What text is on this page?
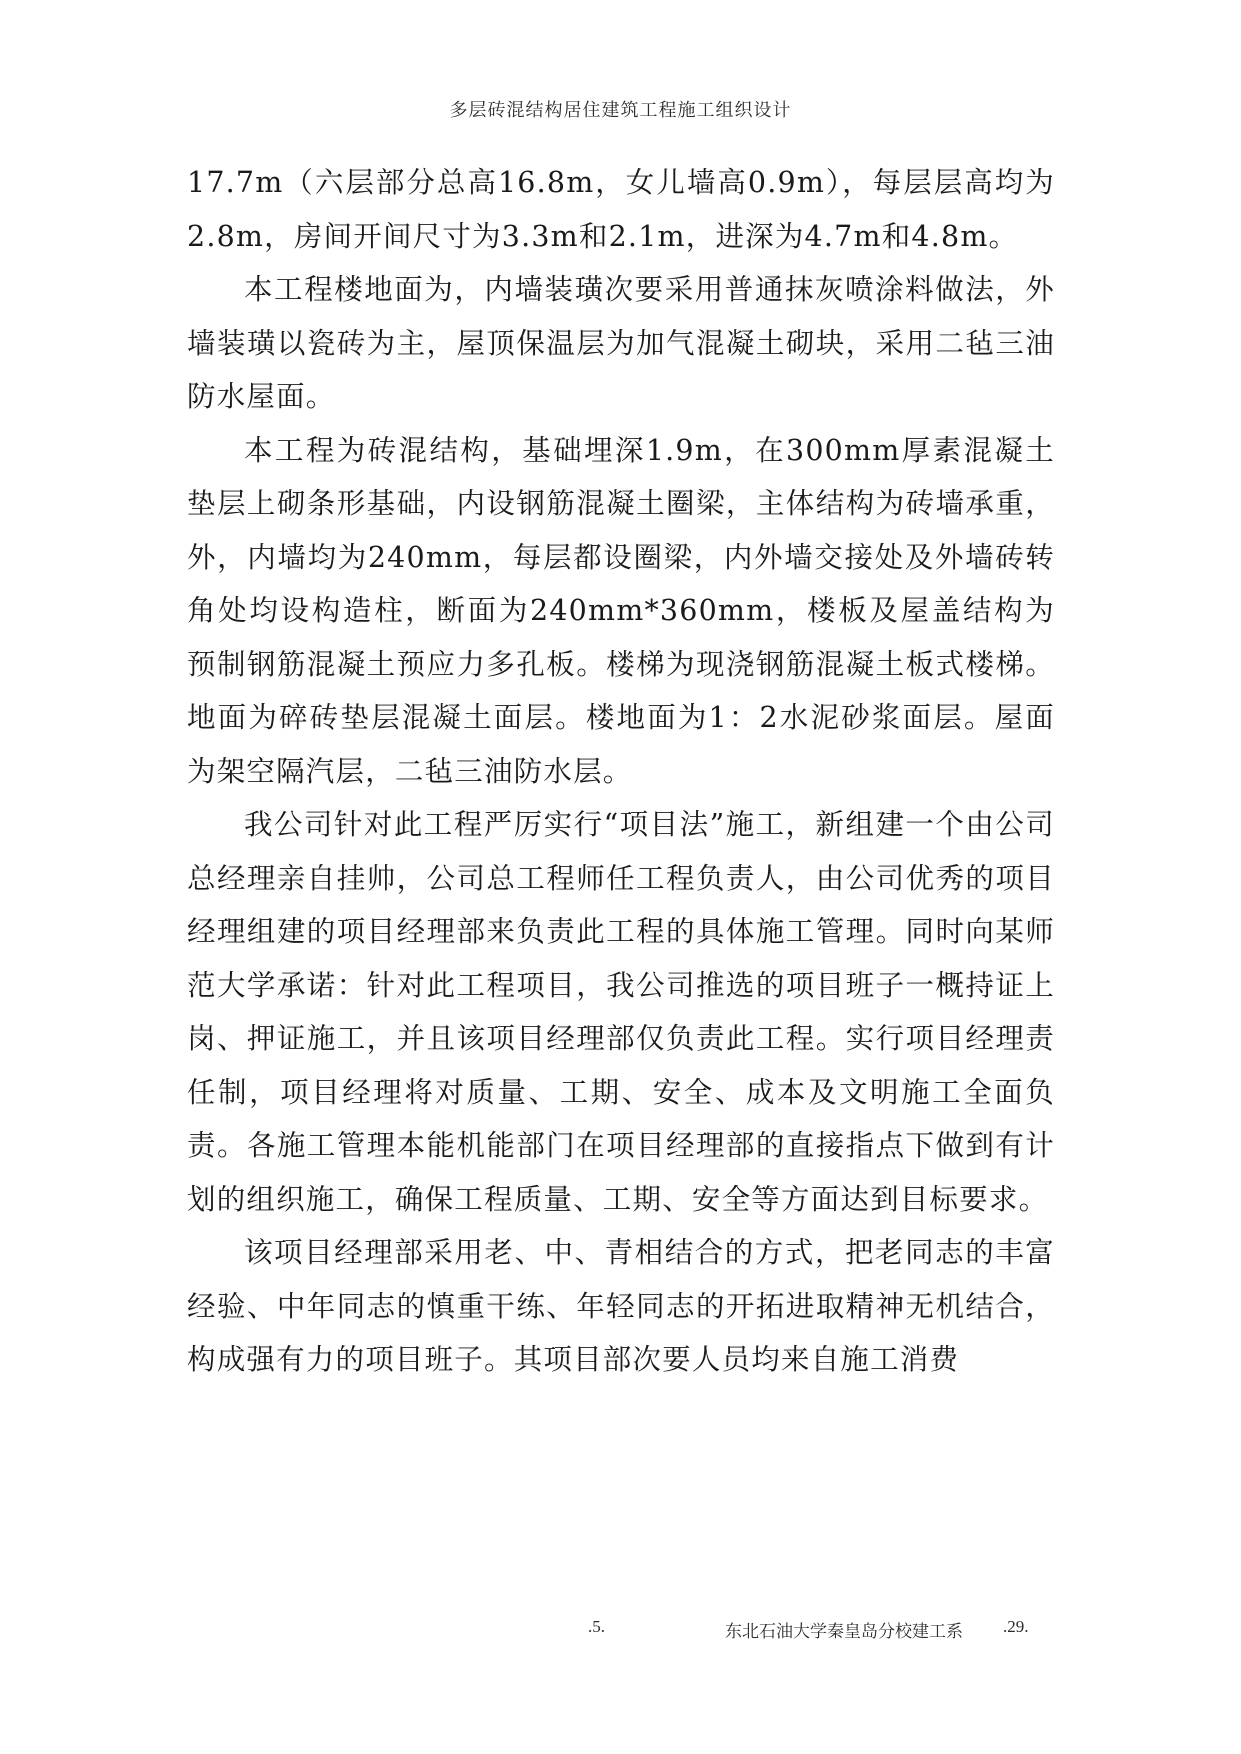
多层砖混结构居住建筑工程施工组织设计

17.7m（六层部分总高16.8m，女儿墙高0.9m），每层层高均为2.8m，房间开间尺寸为3.3m和2.1m，进深为4.7m和4.8m。

本工程楼地面为，内墙装璜次要采用普通抹灰喷涂料做法，外墙装璜以瓷砖为主，屋顶保温层为加气混凝土砌块，采用二毡三油防水屋面。

本工程为砖混结构，基础埋深1.9m，在300mm厚素混凝土垫层上砌条形基础，内设钢筋混凝土圈梁，主体结构为砖墙承重，外，内墙均为240mm，每层都设圈梁，内外墙交接处及外墙砖转角处均设构造柱，断面为240mm*360mm，楼板及屋盖结构为预制钢筋混凝土预应力多孔板。楼梯为现浇钢筋混凝土板式楼梯。地面为碎砖垫层混凝土面层。楼地面为1：2水泥砂浆面层。屋面为架空隔汽层，二毡三油防水层。

我公司针对此工程严厉实行“项目法”施工，新组建一个由公司总经理亲自挂帅，公司总工程师任工程负责人，由公司优秀的项目经理组建的项目经理部来负责此工程的具体施工管理。同时向某师范大学承诺：针对此工程项目，我公司推选的项目班子一概持证上岗、押证施工，并且该项目经理部仅负责此工程。实行项目经理责任制，项目经理将对质量、工期、安全、成本及文明施工全面负责。各施工管理本能机能部门在项目经理部的直接指点下做到有计划的组织施工，确保工程质量、工期、安全等方面达到目标要求。

该项目经理部采用老、中、青相结合的方式，把老同志的丰富经验、中年同志的慎重干练、年轻同志的开拓进取精神无机结合，构成强有力的项目班子。其项目部次要人员均来自施工消费

.5.	东北石油大学秦皇岛分校建工系 .29.
